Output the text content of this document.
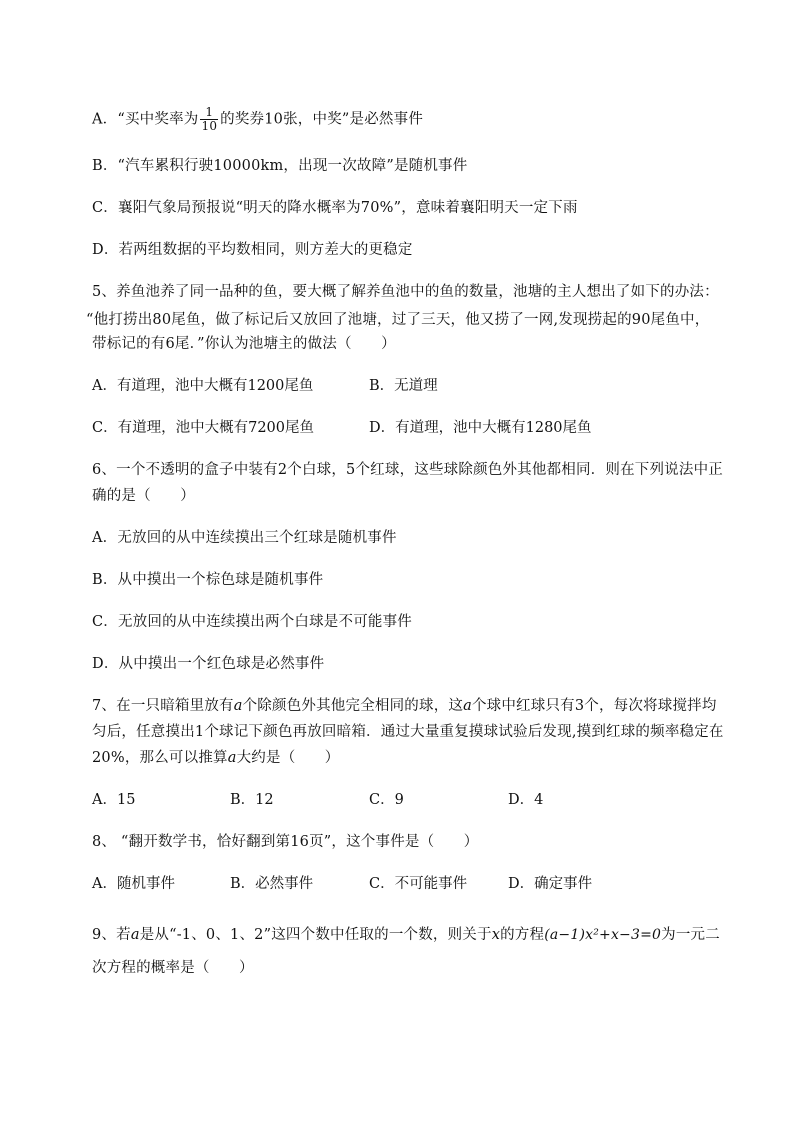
A．“买中奖率为 $\frac{1}{10}$ 的奖券10张，中奖”是必然事件
B．“汽车累积行驶10000km，出现一次故障”是随机事件
C．襄阳气象局预报说“明天的降水概率为70%”，意味着襄阳明天一定下雨
D．若两组数据的平均数相同，则方差大的更稳定
5、养鱼池养了同一品种的鱼，要大概了解养鱼池中的鱼的数量，池塘的主人想出了如下的办法：
“他打捞出80尾鱼，做了标记后又放回了池塘，过了三天，他又捞了一网,发现捞起的90尾鱼中，
带标记的有6尾．”你认为池塘主的做法（　　）
A．有道理，池中大概有1200尾鱼	B．无道理
C．有道理，池中大概有7200尾鱼	D．有道理，池中大概有1280尾鱼
6、一个不透明的盒子中装有2个白球，5个红球，这些球除颜色外其他都相同．则在下列说法中正
确的是（　　）
A．无放回的从中连续摸出三个红球是随机事件
B．从中摸出一个棕色球是随机事件
C．无放回的从中连续摸出两个白球是不可能事件
D．从中摸出一个红色球是必然事件
7、在一只暗箱里放有a个除颜色外其他完全相同的球，这a个球中红球只有3个，每次将球搅拌均
匀后，任意摸出1个球记下颜色再放回暗箱．通过大量重复摸球试验后发现,摸到红球的频率稳定在
20%，那么可以推算a大约是（　　）
A．15	B．12	C．9	D．4
8、 “翻开数学书，恰好翻到第16页”，这个事件是（　　）
A．随机事件	B．必然事件	C．不可能事件	D．确定事件
9、若a是从“-1、0、1、2”这四个数中任取的一个数，则关于x的方程(a−1)x²+x−3=0为一元二
次方程的概率是（　　）
